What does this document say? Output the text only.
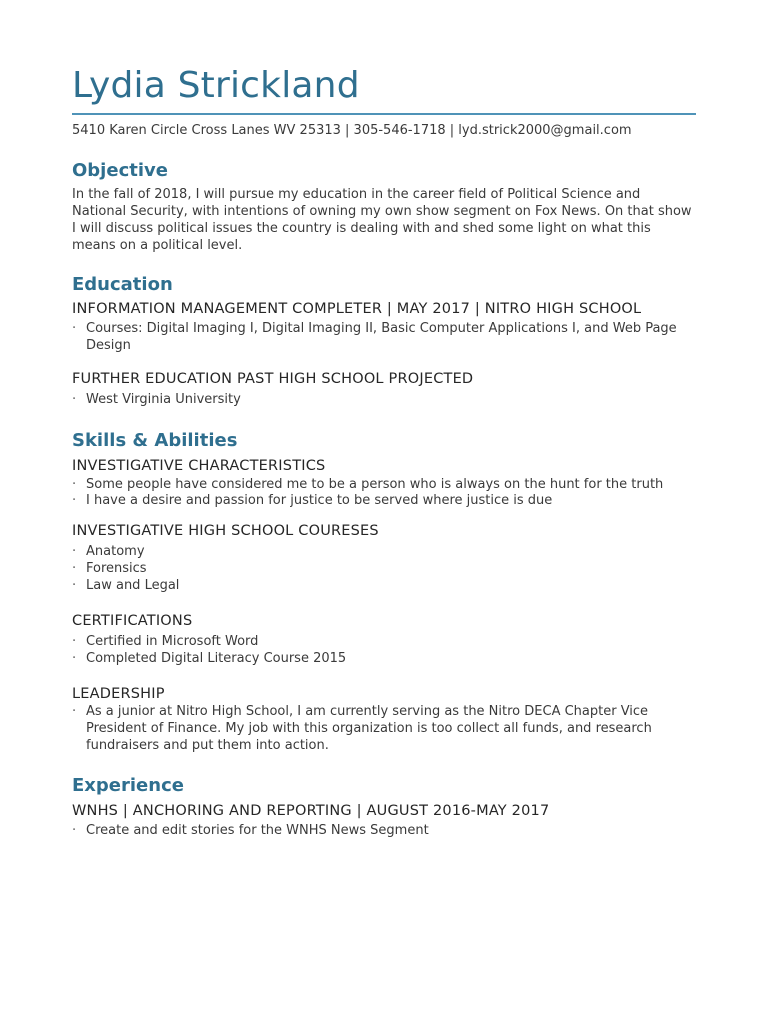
Lydia Strickland
5410 Karen Circle Cross Lanes WV 25313 | 305-546-1718 | lyd.strick2000@gmail.com
Objective

In the fall of 2018, I will pursue my education in the career field of Political Science and National Security, with intentions of owning my own show segment on Fox News. On that show I will discuss political issues the country is dealing with and shed some light on what this means on a political level.

Education
INFORMATION MANAGEMENT COMPLETER | MAY 2017 | NITRO HIGH SCHOOL
· Courses: Digital Imaging I, Digital Imaging II, Basic Computer Applications I, and Web Page Design
FURTHER EDUCATION PAST HIGH SCHOOL PROJECTED
· West Virginia University
Skills & Abilities
INVESTIGATIVE CHARACTERISTICS
· Some people have considered me to be a person who is always on the hunt for the truth
· I have a desire and passion for justice to be served where justice is due
INVESTIGATIVE HIGH SCHOOL COURESES
· Anatomy
· Forensics
· Law and Legal
CERTIFICATIONS
· Certified in Microsoft Word
· Completed Digital Literacy Course 2015
LEADERSHIP
· As a junior at Nitro High School, I am currently serving as the Nitro DECA Chapter Vice President of Finance. My job with this organization is too collect all funds, and research fundraisers and put them into action.
Experience
WNHS | ANCHORING AND REPORTING | AUGUST 2016-MAY 2017
· Create and edit stories for the WNHS News Segment
